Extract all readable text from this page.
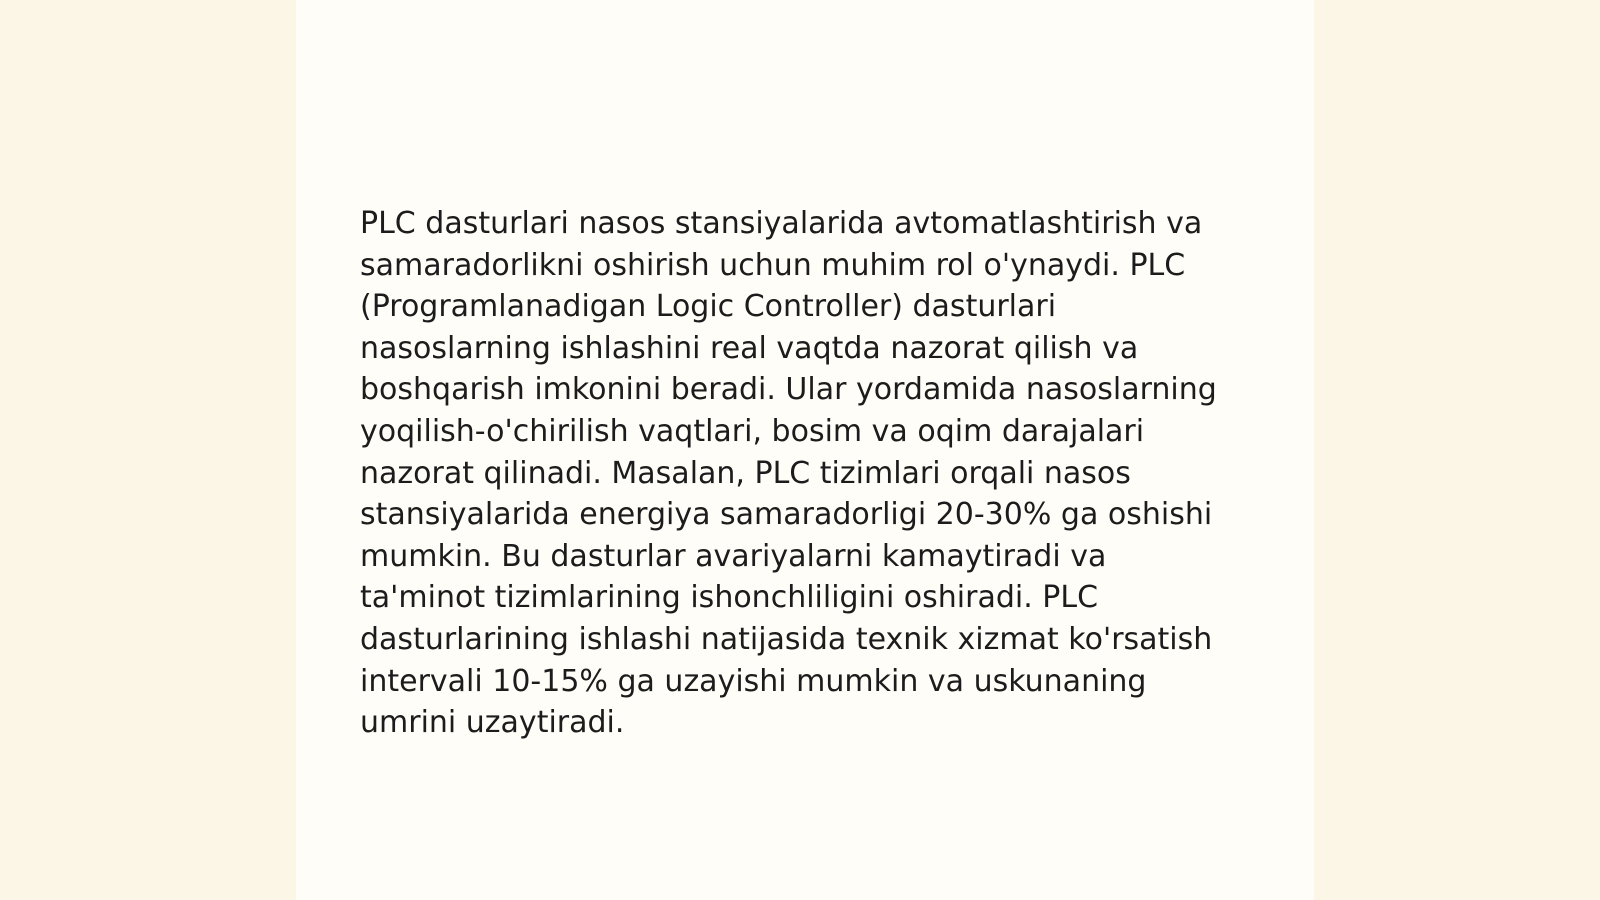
PLC dasturlari nasos stansiyalarida avtomatlashtirish va samaradorlikni oshirish uchun muhim rol o'ynaydi. PLC (Programlanadigan Logic Controller) dasturlari nasoslarning ishlashini real vaqtda nazorat qilish va boshqarish imkonini beradi. Ular yordamida nasoslarning yoqilish-o'chirilish vaqtlari, bosim va oqim darajalari nazorat qilinadi. Masalan, PLC tizimlari orqali nasos stansiyalarida energiya samaradorligi 20-30% ga oshishi mumkin. Bu dasturlar avariyalarni kamaytiradi va ta'minot tizimlarining ishonchliligini oshiradi. PLC dasturlarining ishlashi natijasida texnik xizmat ko'rsatish intervali 10-15% ga uzayishi mumkin va uskunaning umrini uzaytiradi.
